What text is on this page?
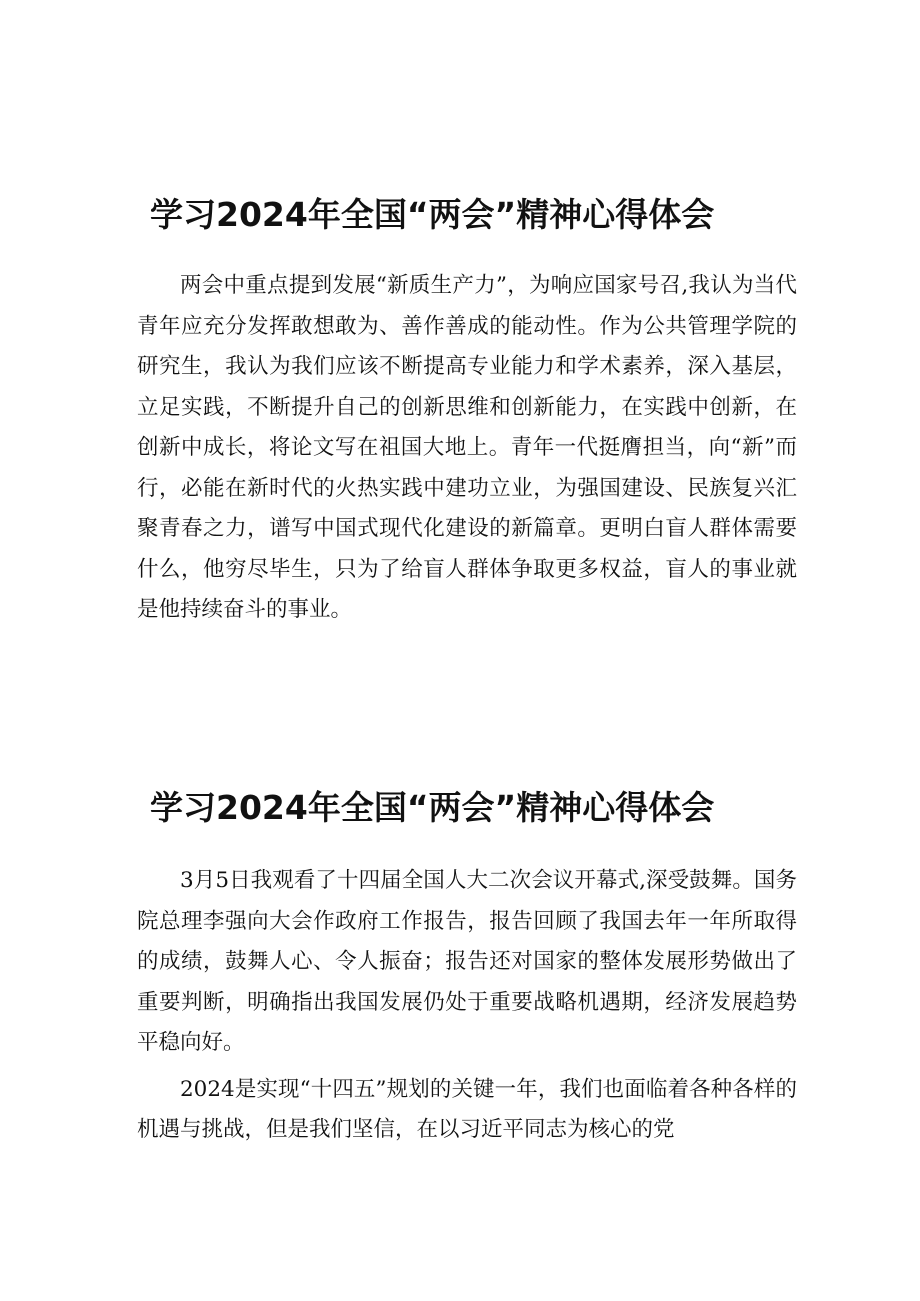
学习2024年全国“两会”精神心得体会

两会中重点提到发展“新质生产力”，为响应国家号召,我认为当代青年应充分发挥敢想敢为、善作善成的能动性。作为公共管理学院的研究生，我认为我们应该不断提高专业能力和学术素养，深入基层，立足实践，不断提升自己的创新思维和创新能力，在实践中创新，在创新中成长，将论文写在祖国大地上。青年一代挺膺担当，向“新”而行，必能在新时代的火热实践中建功立业，为强国建设、民族复兴汇聚青春之力，谱写中国式现代化建设的新篇章。更明白盲人群体需要什么，他穷尽毕生，只为了给盲人群体争取更多权益，盲人的事业就是他持续奋斗的事业。

学习2024年全国“两会”精神心得体会

3月5日我观看了十四届全国人大二次会议开幕式,深受鼓舞。国务院总理李强向大会作政府工作报告，报告回顾了我国去年一年所取得的成绩，鼓舞人心、令人振奋；报告还对国家的整体发展形势做出了重要判断，明确指出我国发展仍处于重要战略机遇期，经济发展趋势平稳向好。

2024是实现“十四五”规划的关键一年，我们也面临着各种各样的机遇与挑战，但是我们坚信，在以习近平同志为核心的党
